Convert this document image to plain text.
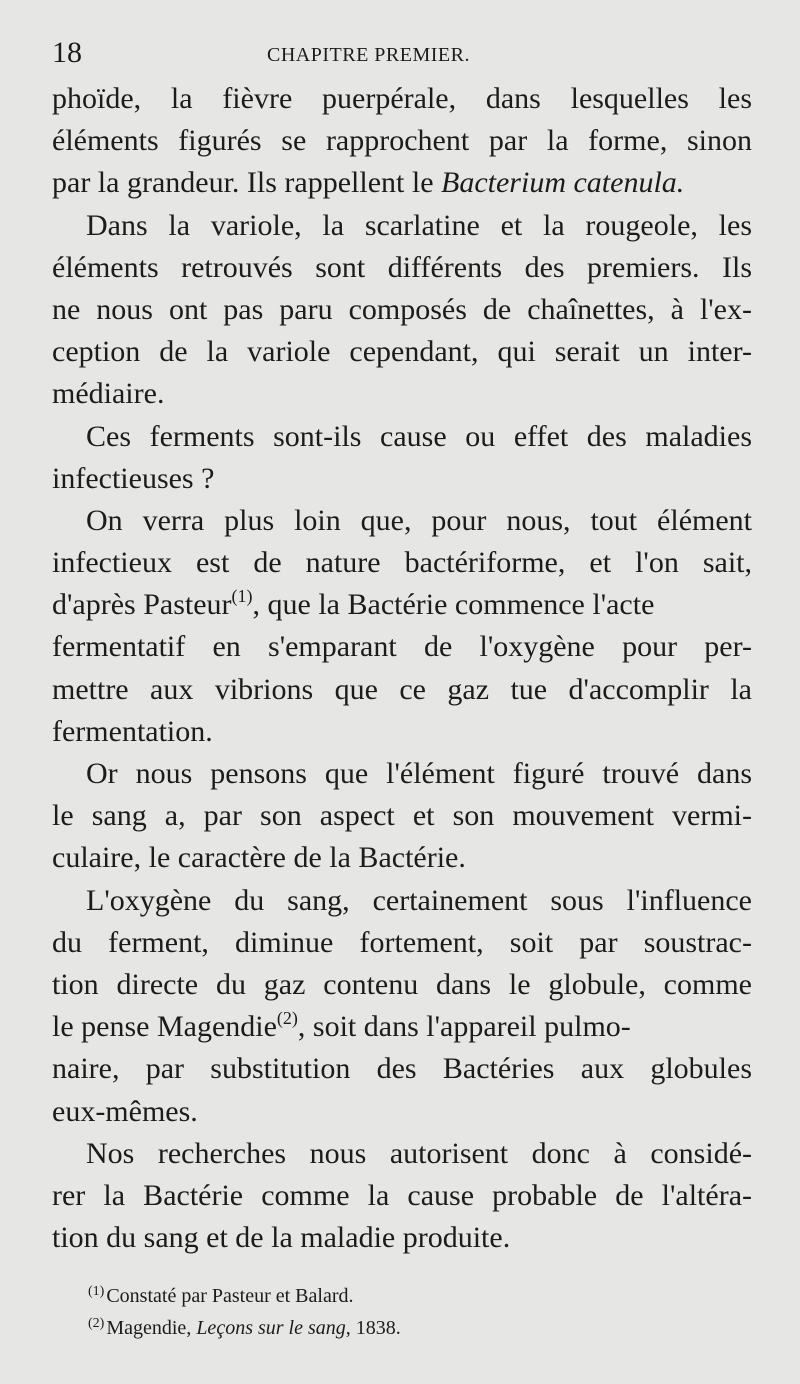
18	CHAPITRE PREMIER.
phoïde, la fièvre puerpérale, dans lesquelles les
éléments figurés se rapprochent par la forme, sinon
par la grandeur. Ils rappellent le Bacterium catenula.
Dans la variole, la scarlatine et la rougeole, les
éléments retrouvés sont différents des premiers. Ils
ne nous ont pas paru composés de chaînettes, à l'ex-
ception de la variole cependant, qui serait un inter-
médiaire.
Ces ferments sont-ils cause ou effet des maladies
infectieuses ?
On verra plus loin que, pour nous, tout élément
infectieux est de nature bactériforme, et l'on sait,
d'après Pasteur$^{(1)}$, que la Bactérie commence l'acte
fermentatif en s'emparant de l'oxygène pour per-
mettre aux vibrions que ce gaz tue d'accomplir la
fermentation.
Or nous pensons que l'élément figuré trouvé dans
le sang a, par son aspect et son mouvement vermi-
culaire, le caractère de la Bactérie.
L'oxygène du sang, certainement sous l'influence
du ferment, diminue fortement, soit par soustrac-
tion directe du gaz contenu dans le globule, comme
le pense Magendie$^{(2)}$, soit dans l'appareil pulmo-
naire, par substitution des Bactéries aux globules
eux-mêmes.
Nos recherches nous autorisent donc à considé-
rer la Bactérie comme la cause probable de l'altéra-
tion du sang et de la maladie produite.
$^{(1)}$ Constaté par Pasteur et Balard.
$^{(2)}$ Magendie, Leçons sur le sang, 1838.
